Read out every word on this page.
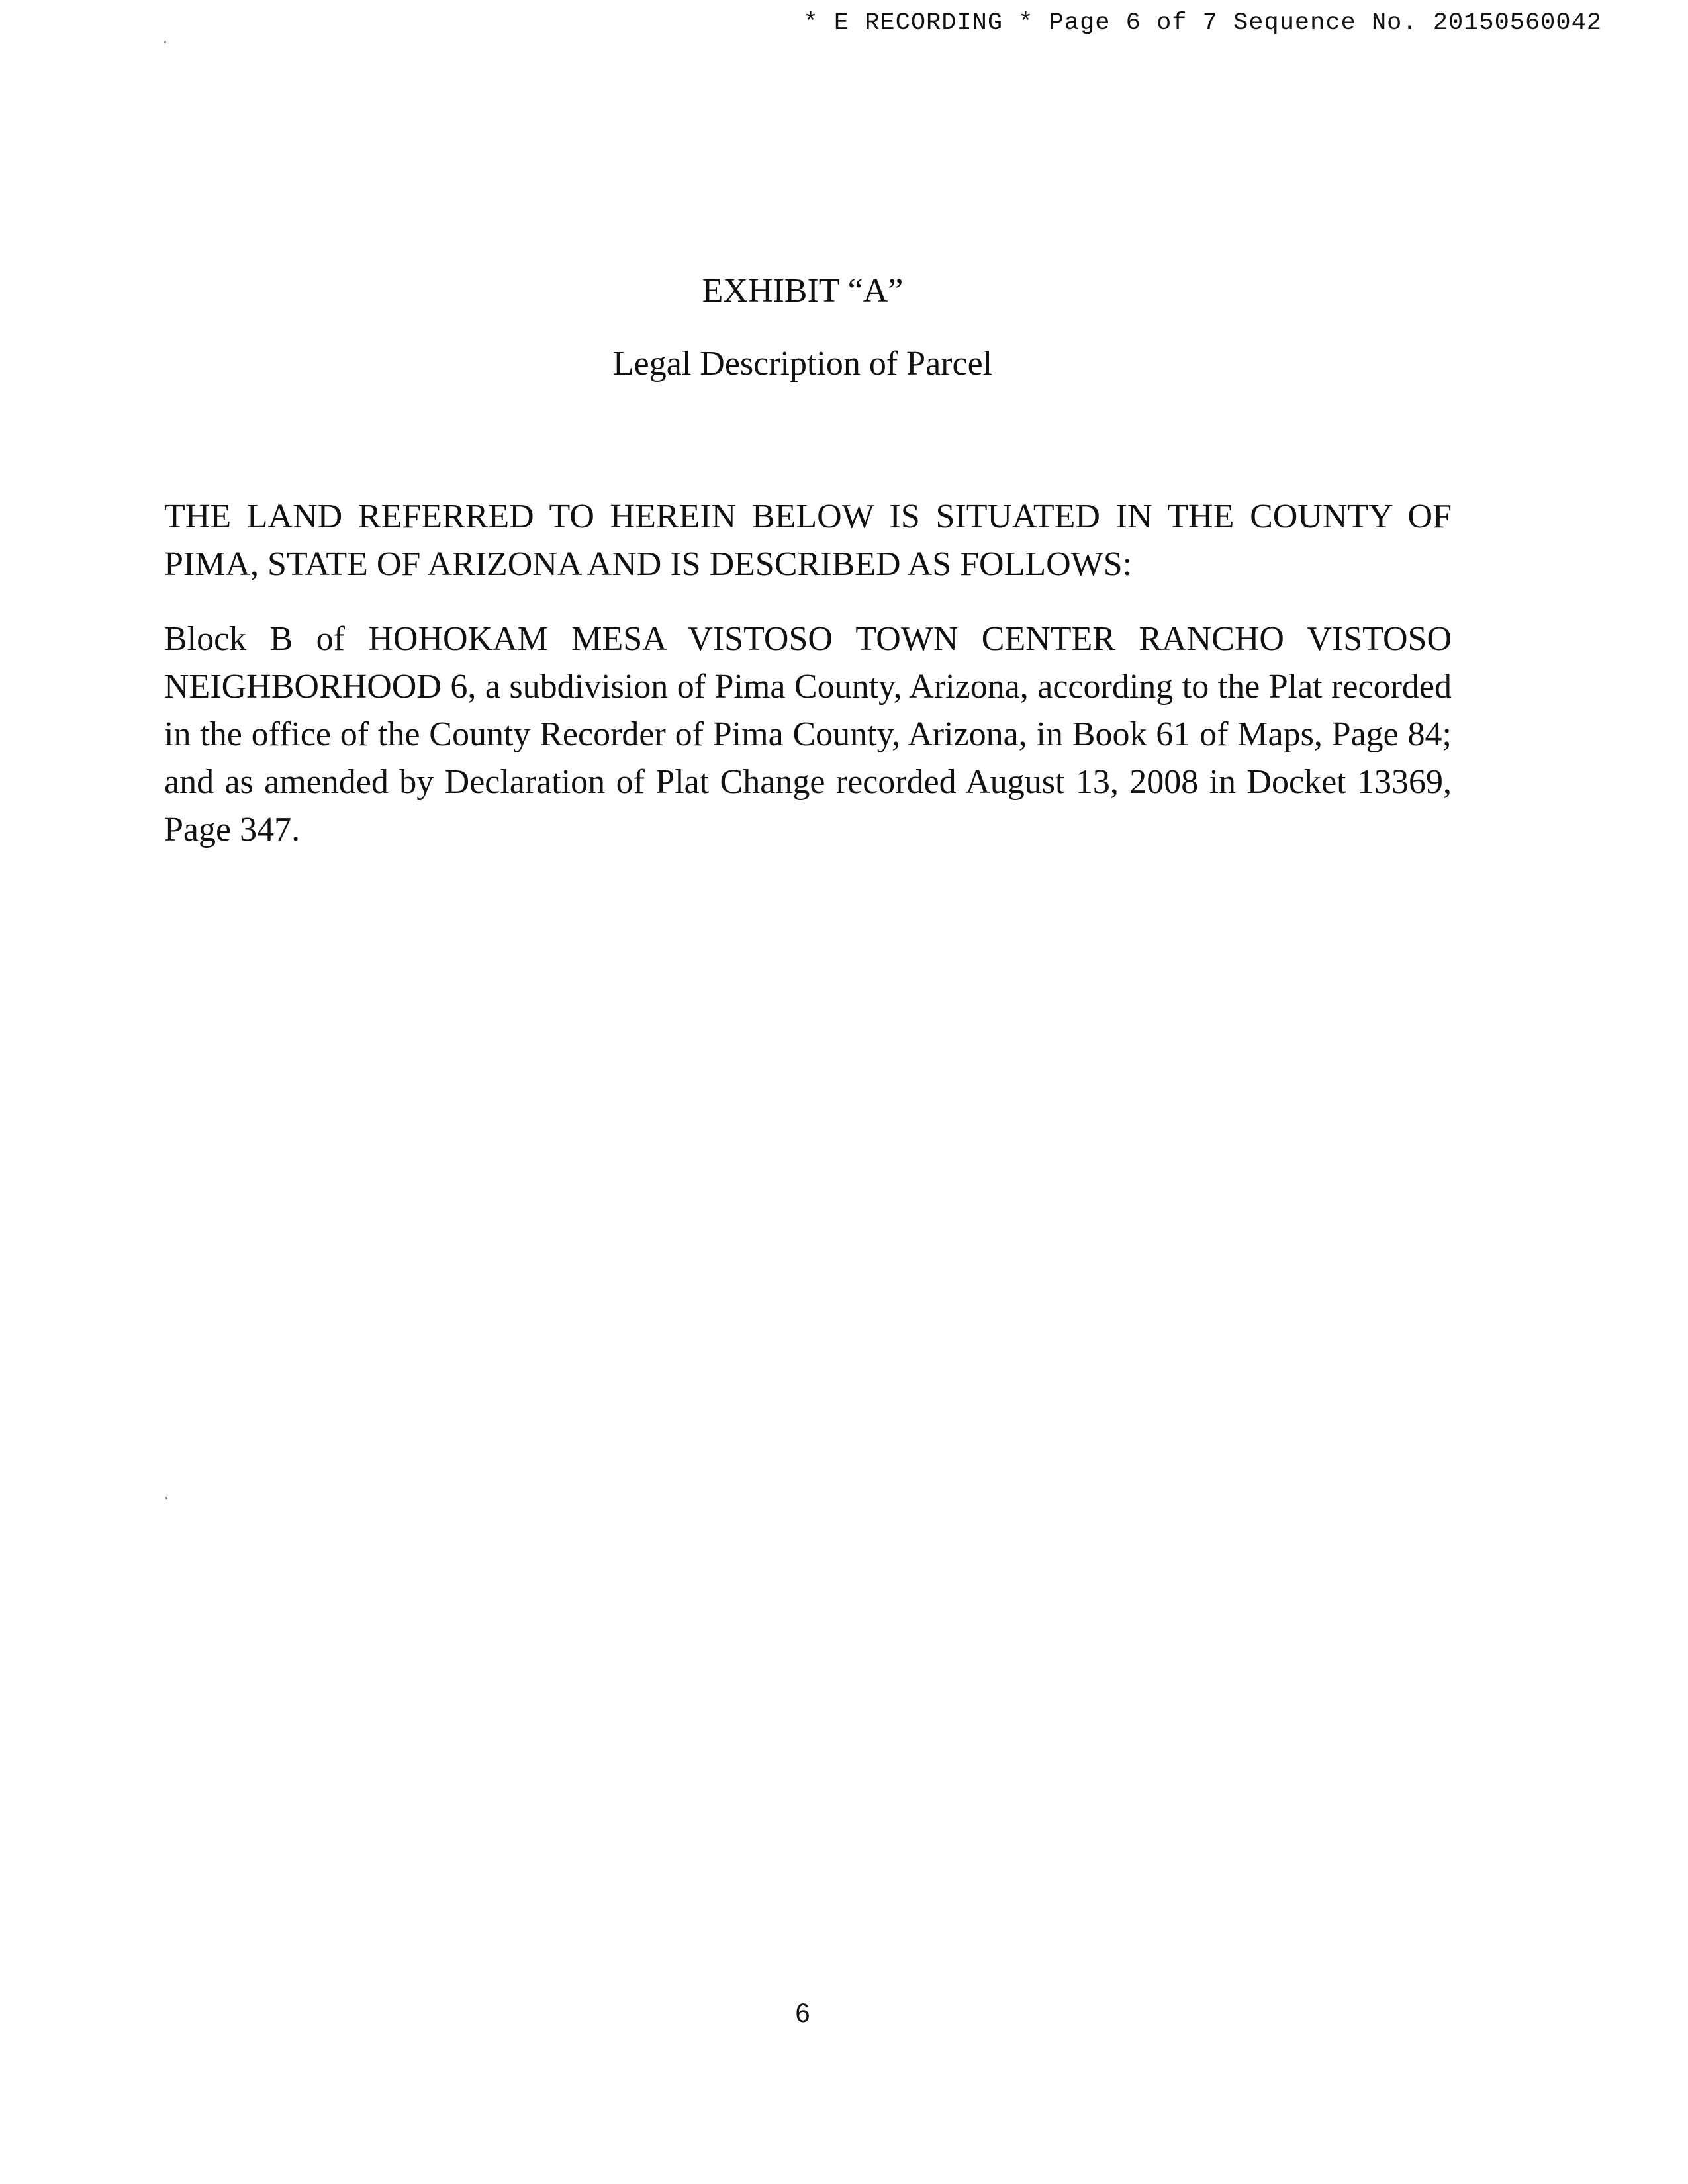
* E RECORDING * Page 6 of 7 Sequence No. 20150560042
EXHIBIT “A”
Legal Description of Parcel

THE LAND REFERRED TO HEREIN BELOW IS SITUATED IN THE COUNTY OF PIMA, STATE OF ARIZONA AND IS DESCRIBED AS FOLLOWS:

Block B of HOHOKAM MESA VISTOSO TOWN CENTER RANCHO VISTOSO NEIGHBORHOOD 6, a subdivision of Pima County, Arizona, according to the Plat recorded in the office of the County Recorder of Pima County, Arizona, in Book 61 of Maps, Page 84; and as amended by Declaration of Plat Change recorded August 13, 2008 in Docket 13369, Page 347.

6
